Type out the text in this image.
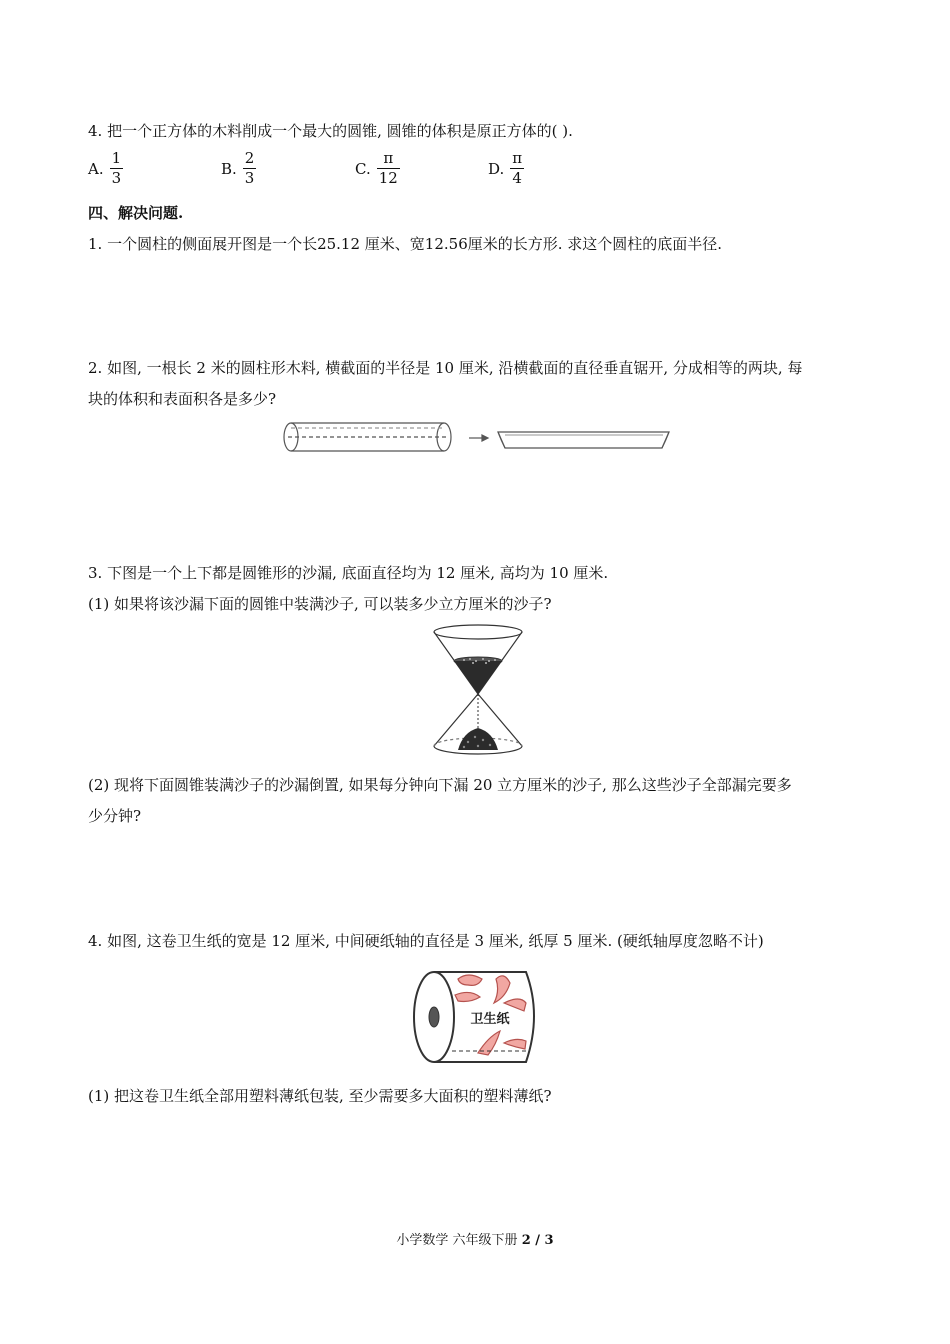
4. 把一个正方体的木料削成一个最大的圆锥, 圆锥的体积是原正方体的( ).
A. $\frac{1}{3}$	B. $\frac{2}{3}$	C. $\frac{\pi}{12}$	D. $\frac{\pi}{4}$
四、解决问题.
1. 一个圆柱的侧面展开图是一个长25.12 厘米、宽12.56厘米的长方形. 求这个圆柱的底面半径.
2. 如图, 一根长 2 米的圆柱形木料, 横截面的半径是 10 厘米, 沿横截面的直径垂直锯开, 分成相等的两块, 每
块的体积和表面积各是多少?
3. 下图是一个上下都是圆锥形的沙漏, 底面直径均为 12 厘米, 高均为 10 厘米.
(1) 如果将该沙漏下面的圆锥中装满沙子, 可以装多少立方厘米的沙子?
(2) 现将下面圆锥装满沙子的沙漏倒置, 如果每分钟向下漏 20 立方厘米的沙子, 那么这些沙子全部漏完要多
少分钟?
4. 如图, 这卷卫生纸的宽是 12 厘米, 中间硬纸轴的直径是 3 厘米, 纸厚 5 厘米. (硬纸轴厚度忽略不计)
卫生纸
(1) 把这卷卫生纸全部用塑料薄纸包装, 至少需要多大面积的塑料薄纸?
小学数学 六年级下册 2 / 3
